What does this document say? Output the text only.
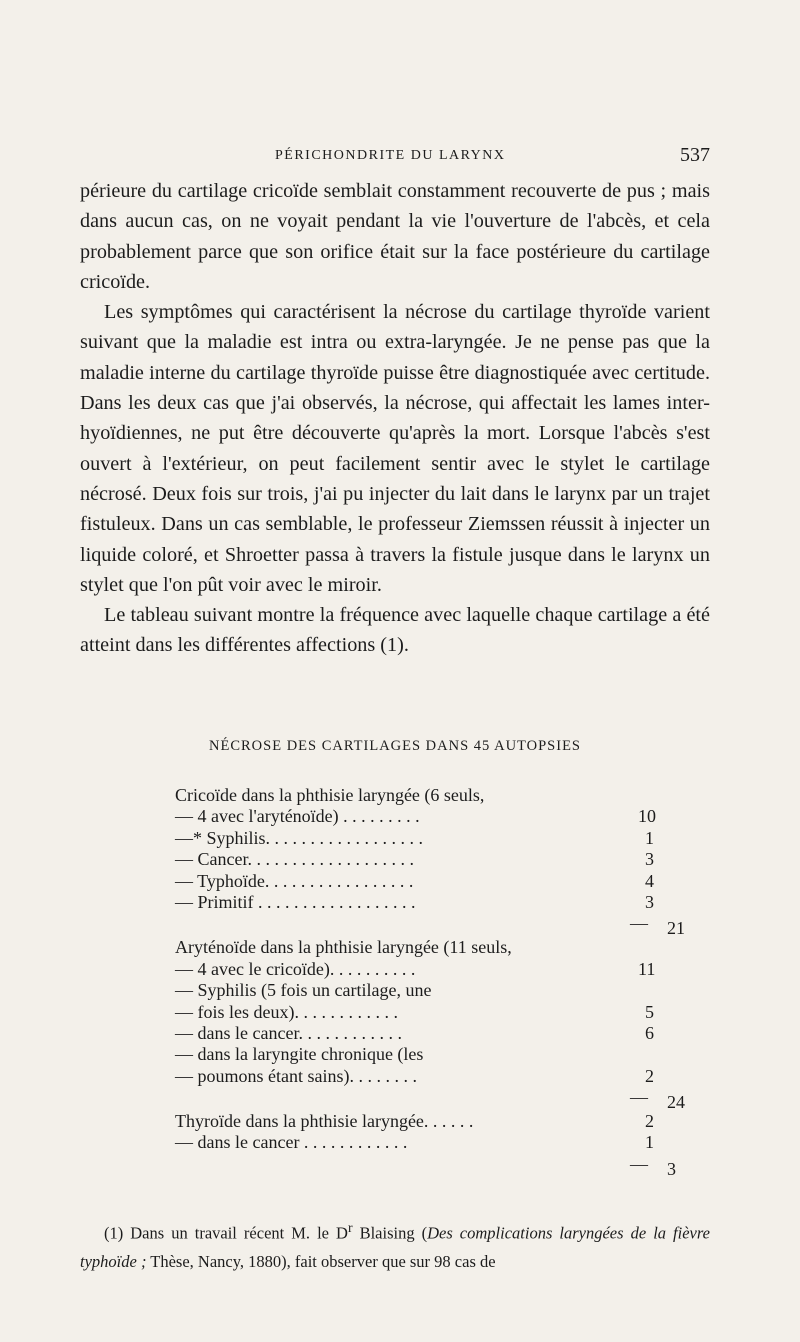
PÉRICHONDRITE DU LARYNX	537

périeure du cartilage cricoïde semblait constamment recouverte de pus ; mais dans aucun cas, on ne voyait pendant la vie l'ouverture de l'abcès, et cela probablement parce que son orifice était sur la face postérieure du cartilage cricoïde.

Les symptômes qui caractérisent la nécrose du cartilage thyroïde varient suivant que la maladie est intra ou extra-laryngée. Je ne pense pas que la maladie interne du cartilage thyroïde puisse être diagnostiquée avec certitude. Dans les deux cas que j'ai observés, la nécrose, qui affectait les lames inter-hyoïdiennes, ne put être découverte qu'après la mort. Lorsque l'abcès s'est ouvert à l'extérieur, on peut facilement sentir avec le stylet le cartilage nécrosé. Deux fois sur trois, j'ai pu injecter du lait dans le larynx par un trajet fistuleux. Dans un cas semblable, le professeur Ziemssen réussit à injecter un liquide coloré, et Shroetter passa à travers la fistule jusque dans le larynx un stylet que l'on pût voir avec le miroir.

Le tableau suivant montre la fréquence avec laquelle chaque cartilage a été atteint dans les différentes affections (1).

NÉCROSE DES CARTILAGES DANS 45 AUTOPSIES
Cricoïde dans la phthisie laryngée (6 seuls,
— 4 avec l'aryténoïde) . . . . . . . . .	10
—* Syphilis. . . . . . . . . . . . . . . . . .	1
— Cancer. . . . . . . . . . . . . . . . . . .	3
— Typhoïde. . . . . . . . . . . . . . . . .	4
— Primitif . . . . . . . . . . . . . . . . . .	3
— 21
Aryténoïde dans la phthisie laryngée (11 seuls,
— 4 avec le cricoïde). . . . . . . . . .	11
— Syphilis (5 fois un cartilage, une
— fois les deux). . . . . . . . . . . .	5
— dans le cancer. . . . . . . . . . . .	6
— dans la laryngite chronique (les
— poumons étant sains). . . . . . . .	2
— 24
Thyroïde dans la phthisie laryngée. . . . . .	2
— dans le cancer . . . . . . . . . . . .	1
— 3

(1) Dans un travail récent M. le $D^r$ Blaising (Des complications laryngées de la fièvre typhoïde ; Thèse, Nancy, 1880), fait observer que sur 98 cas de
